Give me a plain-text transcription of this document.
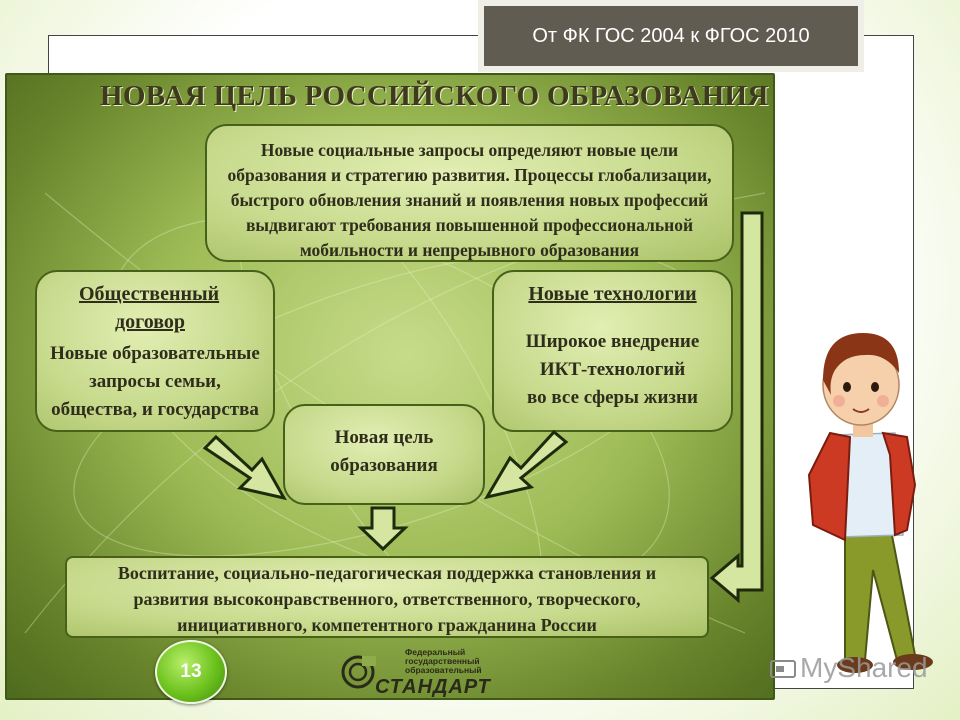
От ФК ГОС 2004 к ФГОС 2010
НОВАЯ ЦЕЛЬ РОССИЙСКОГО ОБРАЗОВАНИЯ
Новые социальные запросы определяют новые цели
образования и стратегию развития. Процессы глобализации,
быстрого обновления знаний и появления новых профессий
выдвигают требования повышенной профессиональной
мобильности и непрерывного образования
Общественный
договор
Новые образовательные
запросы семьи,
общества, и государства
Новые технологии
Широкое внедрение
ИКТ-технологий
во все сферы жизни
Новая цель
образования
Воспитание, социально-педагогическая поддержка становления и
развития высоконравственного, ответственного, творческого,
инициативного, компетентного гражданина России
13
Федеральный
государственный
образовательный
СТАНДАРТ
MyShared
